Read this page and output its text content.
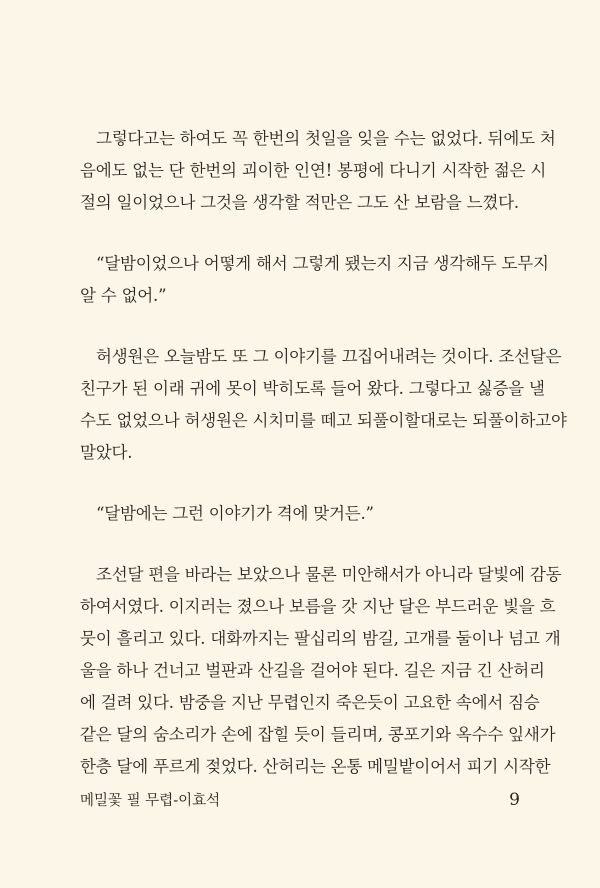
그렇다고는 하여도 꼭 한번의 첫일을 잊을 수는 없었다. 뒤에도 처
음에도 없는 단 한번의 괴이한 인연! 봉평에 다니기 시작한 젊은 시
절의 일이었으나 그것을 생각할 적만은 그도 산 보람을 느꼈다.
“달밤이었으나 어떻게 해서 그렇게 됐는지 지금 생각해두 도무지
알 수 없어.”
허생원은 오늘밤도 또 그 이야기를 끄집어내려는 것이다. 조선달은
친구가 된 이래 귀에 못이 박히도록 들어 왔다. 그렇다고 싫증을 낼
수도 없었으나 허생원은 시치미를 떼고 되풀이할대로는 되풀이하고야
말았다.
“달밤에는 그런 이야기가 격에 맞거든.”
조선달 편을 바라는 보았으나 물론 미안해서가 아니라 달빛에 감동
하여서였다. 이지러는 졌으나 보름을 갓 지난 달은 부드러운 빛을 흐
뭇이 흘리고 있다. 대화까지는 팔십리의 밤길, 고개를 둘이나 넘고 개
울을 하나 건너고 벌판과 산길을 걸어야 된다. 길은 지금 긴 산허리
에 걸려 있다. 밤중을 지난 무렵인지 죽은듯이 고요한 속에서 짐승
같은 달의 숨소리가 손에 잡힐 듯이 들리며, 콩포기와 옥수수 잎새가
한층 달에 푸르게 젖었다. 산허리는 온통 메밀밭이어서 피기 시작한
메밀꽃 필 무렵-이효석	9
